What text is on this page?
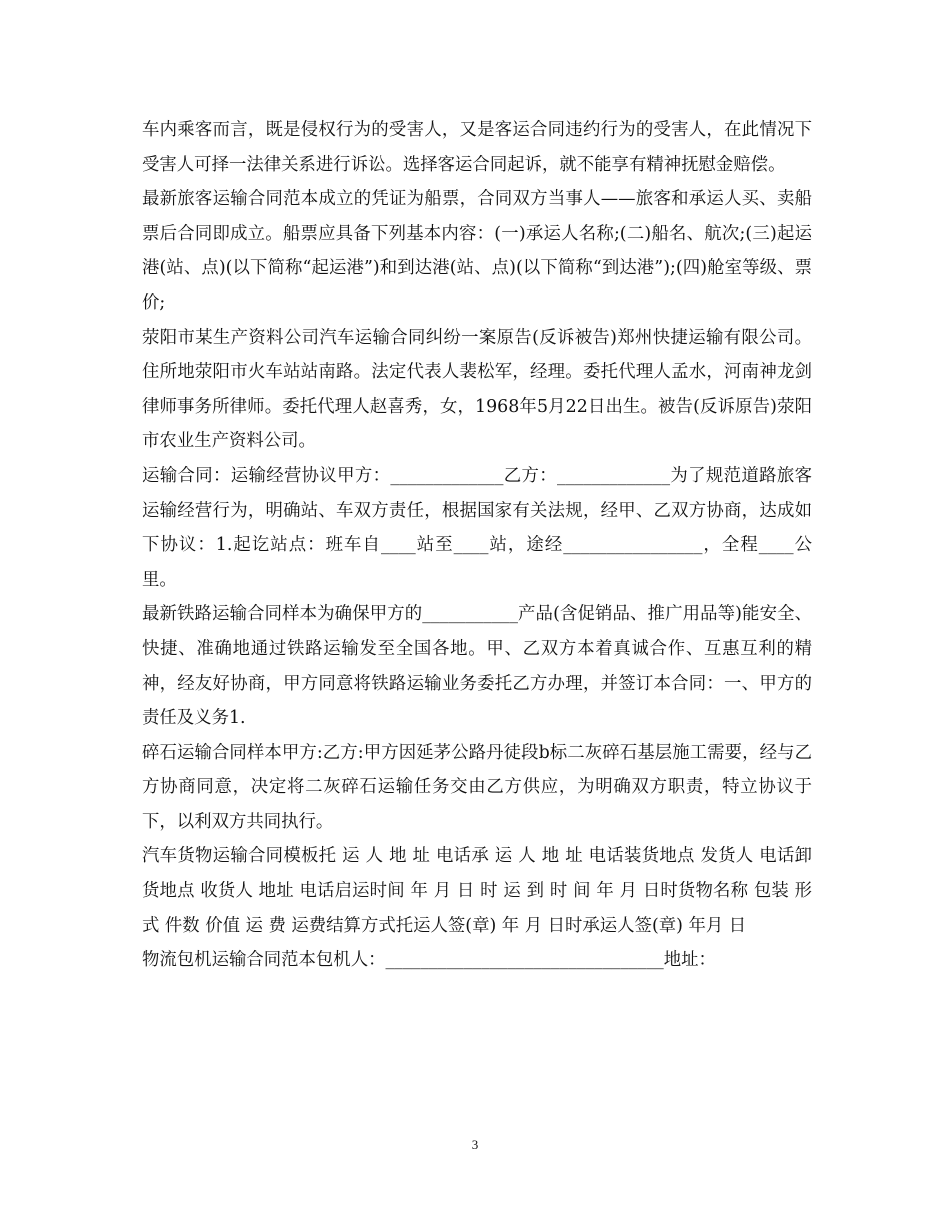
车内乘客而言，既是侵权行为的受害人，又是客运合同违约行为的受害人，在此情况下受害人可择一法律关系进行诉讼。选择客运合同起诉，就不能享有精神抚慰金赔偿。

最新旅客运输合同范本成立的凭证为船票，合同双方当事人——旅客和承运人买、卖船票后合同即成立。船票应具备下列基本内容：(一)承运人名称;(二)船名、航次;(三)起运港(站、点)(以下简称“起运港”)和到达港(站、点)(以下简称“到达港”);(四)舱室等级、票价;

荥阳市某生产资料公司汽车运输合同纠纷一案原告(反诉被告)郑州快捷运输有限公司。住所地荥阳市火车站站南路。法定代表人裴松军，经理。委托代理人孟水，河南神龙剑律师事务所律师。委托代理人赵喜秀，女，1968年5月22日出生。被告(反诉原告)荥阳市农业生产资料公司。

运输合同：运输经营协议甲方：_____________乙方：_____________为了规范道路旅客运输经营行为，明确站、车双方责任，根据国家有关法规，经甲、乙双方协商，达成如下协议：1.起讫站点：班车自____站至____站，途经________________，全程____公里。

最新铁路运输合同样本为确保甲方的___________产品(含促销品、推广用品等)能安全、快捷、准确地通过铁路运输发至全国各地。甲、乙双方本着真诚合作、互惠互利的精神，经友好协商，甲方同意将铁路运输业务委托乙方办理，并签订本合同：一、甲方的责任及义务1.

碎石运输合同样本甲方:乙方:甲方因延茅公路丹徒段b标二灰碎石基层施工需要，经与乙方协商同意，决定将二灰碎石运输任务交由乙方供应，为明确双方职责，特立协议于下，以利双方共同执行。

汽车货物运输合同模板托 运 人 地 址 电话承 运 人 地 址 电话装货地点 发货人 电话卸货地点 收货人 地址 电话启运时间 年 月 日 时 运 到 时 间 年 月 日时货物名称 包装 形 式 件数 价值 运 费 运费结算方式托运人签(章) 年 月 日时承运人签(章) 年月 日

物流包机运输合同范本包机人：________________________________地址：

3
